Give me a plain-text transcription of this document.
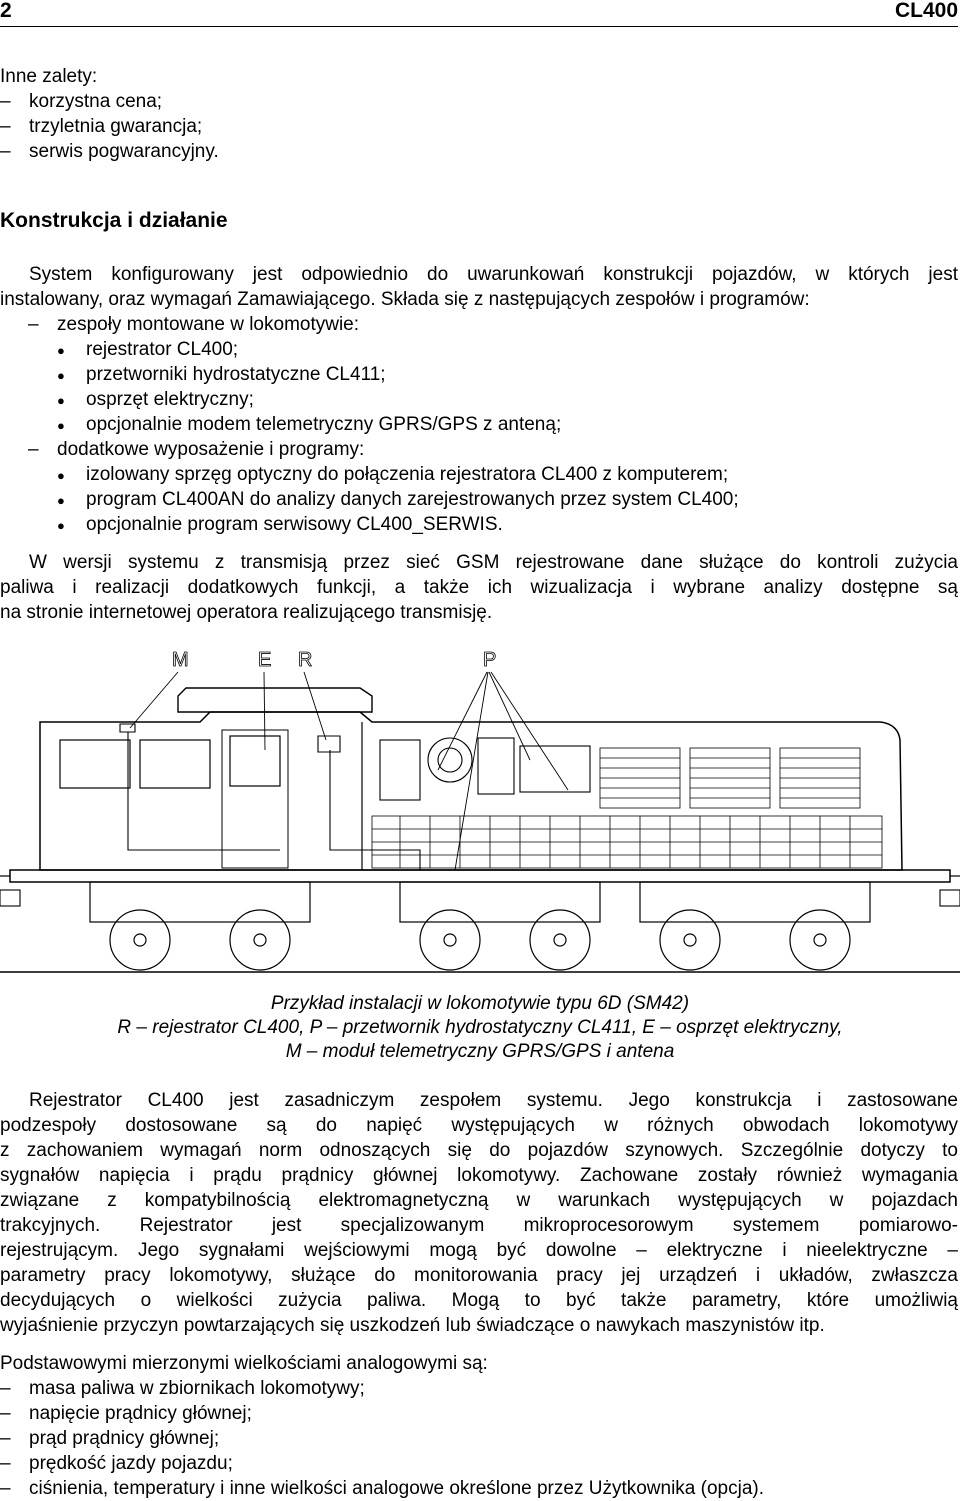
2	CL400
Inne zalety:
– korzystna cena;
– trzyletnia gwarancja;
– serwis pogwarancyjny.
Konstrukcja i działanie
System konfigurowany jest odpowiednio do uwarunkowań konstrukcji pojazdów, w których jest
instalowany, oraz wymagań Zamawiającego. Składa się z następujących zespołów i programów:
– zespoły montowane w lokomotywie:
● rejestrator CL400;
● przetworniki hydrostatyczne CL411;
● osprzęt elektryczny;
● opcjonalnie modem telemetryczny GPRS/GPS z anteną;
– dodatkowe wyposażenie i programy:
● izolowany sprzęg optyczny do połączenia rejestratora CL400 z komputerem;
● program CL400AN do analizy danych zarejestrowanych przez system CL400;
● opcjonalnie program serwisowy CL400_SERWIS.
W wersji systemu z transmisją przez sieć GSM rejestrowane dane służące do kontroli zużycia
paliwa i realizacji dodatkowych funkcji, a także ich wizualizacja i wybrane analizy dostępne są
na stronie internetowej operatora realizującego transmisję.
M	E R	P
Przykład instalacji w lokomotywie typu 6D (SM42)
R – rejestrator CL400, P – przetwornik hydrostatyczny CL411, E – osprzęt elektryczny,
M – moduł telemetryczny GPRS/GPS i antena
Rejestrator CL400 jest zasadniczym zespołem systemu. Jego konstrukcja i zastosowane
podzespoły dostosowane są do napięć występujących w różnych obwodach lokomotywy
z zachowaniem wymagań norm odnoszących się do pojazdów szynowych. Szczególnie dotyczy to
sygnałów napięcia i prądu prądnicy głównej lokomotywy. Zachowane zostały również wymagania
związane z kompatybilnością elektromagnetyczną w warunkach występujących w pojazdach
trakcyjnych. Rejestrator jest specjalizowanym mikroprocesorowym systemem pomiarowo-
rejestrującym. Jego sygnałami wejściowymi mogą być dowolne – elektryczne i nieelektryczne –
parametry pracy lokomotywy, służące do monitorowania pracy jej urządzeń i układów, zwłaszcza
decydujących o wielkości zużycia paliwa. Mogą to być także parametry, które umożliwią
wyjaśnienie przyczyn powtarzających się uszkodzeń lub świadczące o nawykach maszynistów itp.
Podstawowymi mierzonymi wielkościami analogowymi są:
– masa paliwa w zbiornikach lokomotywy;
– napięcie prądnicy głównej;
– prąd prądnicy głównej;
– prędkość jazdy pojazdu;
– ciśnienia, temperatury i inne wielkości analogowe określone przez Użytkownika (opcja).
